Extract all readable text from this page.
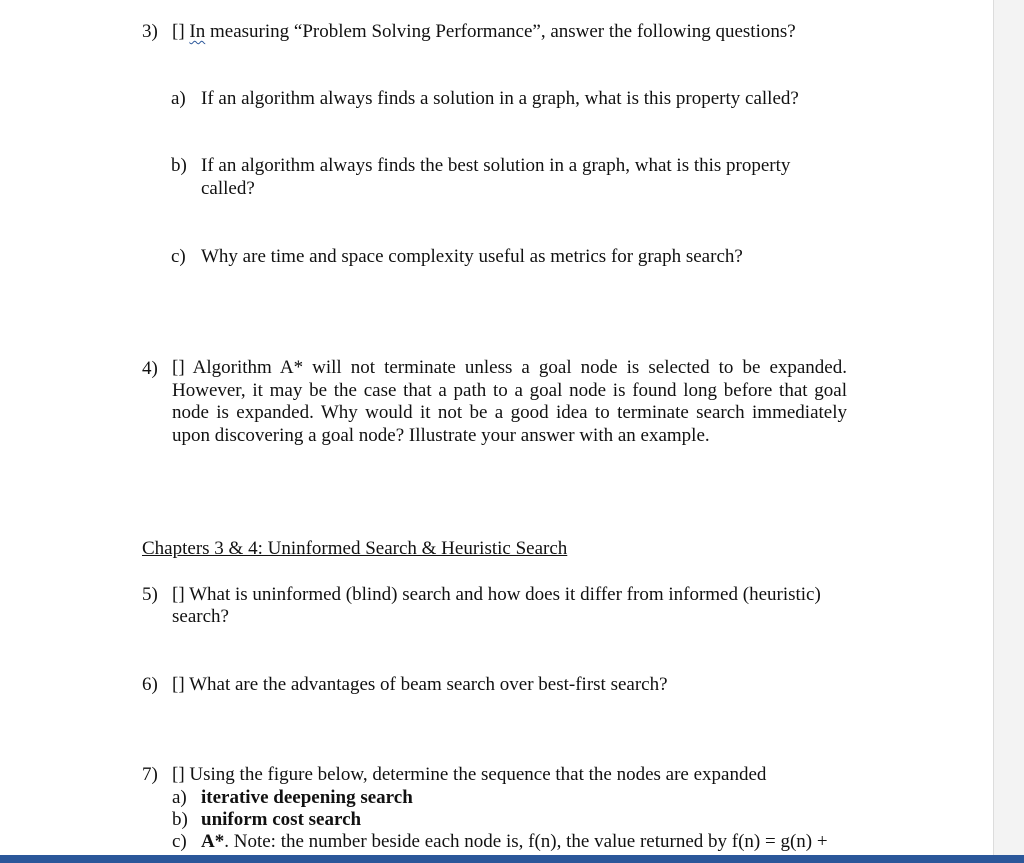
3) [] In measuring “Problem Solving Performance”, answer the following questions?
a) If an algorithm always finds a solution in a graph, what is this property called?
b) If an algorithm always finds the best solution in a graph, what is this property
called?
c) Why are time and space complexity useful as metrics for graph search?
4) [] Algorithm A* will not terminate unless a goal node is selected to be expanded.
However, it may be the case that a path to a goal node is found long before that goal
node is expanded. Why would it not be a good idea to terminate search immediately
upon discovering a goal node? Illustrate your answer with an example.
Chapters 3 & 4: Uninformed Search & Heuristic Search
5) [] What is uninformed (blind) search and how does it differ from informed (heuristic)
search?
6) [] What are the advantages of beam search over best-first search?
7) [] Using the figure below, determine the sequence that the nodes are expanded
a) iterative deepening search
b) uniform cost search
c) A*. Note: the number beside each node is, f(n), the value returned by f(n) = g(n) +
